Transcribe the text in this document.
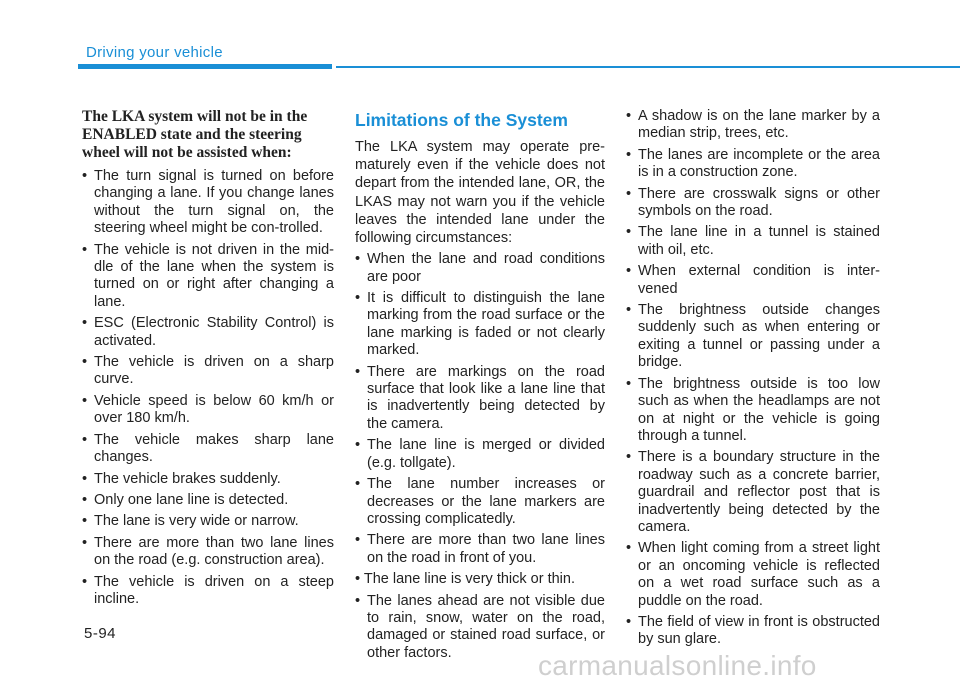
Driving your vehicle

The LKA system will not be in the ENABLED state and the steering wheel will not be assisted when:

• The turn signal is turned on before changing a lane. If you change lanes without the turn signal on, the steering wheel might be con-trolled.
• The vehicle is not driven in the mid-dle of the lane when the system is turned on or right after changing a lane.
• ESC (Electronic Stability Control) is activated.
• The vehicle is driven on a sharp curve.
• Vehicle speed is below 60 km/h or over 180 km/h.
• The vehicle makes sharp lane changes.
• The vehicle brakes suddenly.
• Only one lane line is detected.
• The lane is very wide or narrow.
• There are more than two lane lines on the road (e.g. construction area).
• The vehicle is driven on a steep incline.
Limitations of the System

The LKA system may operate pre-maturely even if the vehicle does not depart from the intended lane, OR, the LKAS may not warn you if the vehicle leaves the intended lane under the following circumstances:

• When the lane and road conditions are poor
• It is difficult to distinguish the lane marking from the road surface or the lane marking is faded or not clearly marked.
• There are markings on the road surface that look like a lane line that is inadvertently being detected by the camera.
• The lane line is merged or divided (e.g. tollgate).
• The lane number increases or decreases or the lane markers are crossing complicatedly.
• There are more than two lane lines on the road in front of you.

• The lane line is very thick or thin.

• The lanes ahead are not visible due to rain, snow, water on the road, damaged or stained road surface, or other factors.
• A shadow is on the lane marker by a median strip, trees, etc.
• The lanes are incomplete or the area is in a construction zone.
• There are crosswalk signs or other symbols on the road.
• The lane line in a tunnel is stained with oil, etc.
• When external condition is inter-vened
• The brightness outside changes suddenly such as when entering or exiting a tunnel or passing under a bridge.
• The brightness outside is too low such as when the headlamps are not on at night or the vehicle is going through a tunnel.
• There is a boundary structure in the roadway such as a concrete barrier, guardrail and reflector post that is inadvertently being detected by the camera.
• When light coming from a street light or an oncoming vehicle is reflected on a wet road surface such as a puddle on the road.
• The field of view in front is obstructed by sun glare.
5-94
carmanualsonline.info
